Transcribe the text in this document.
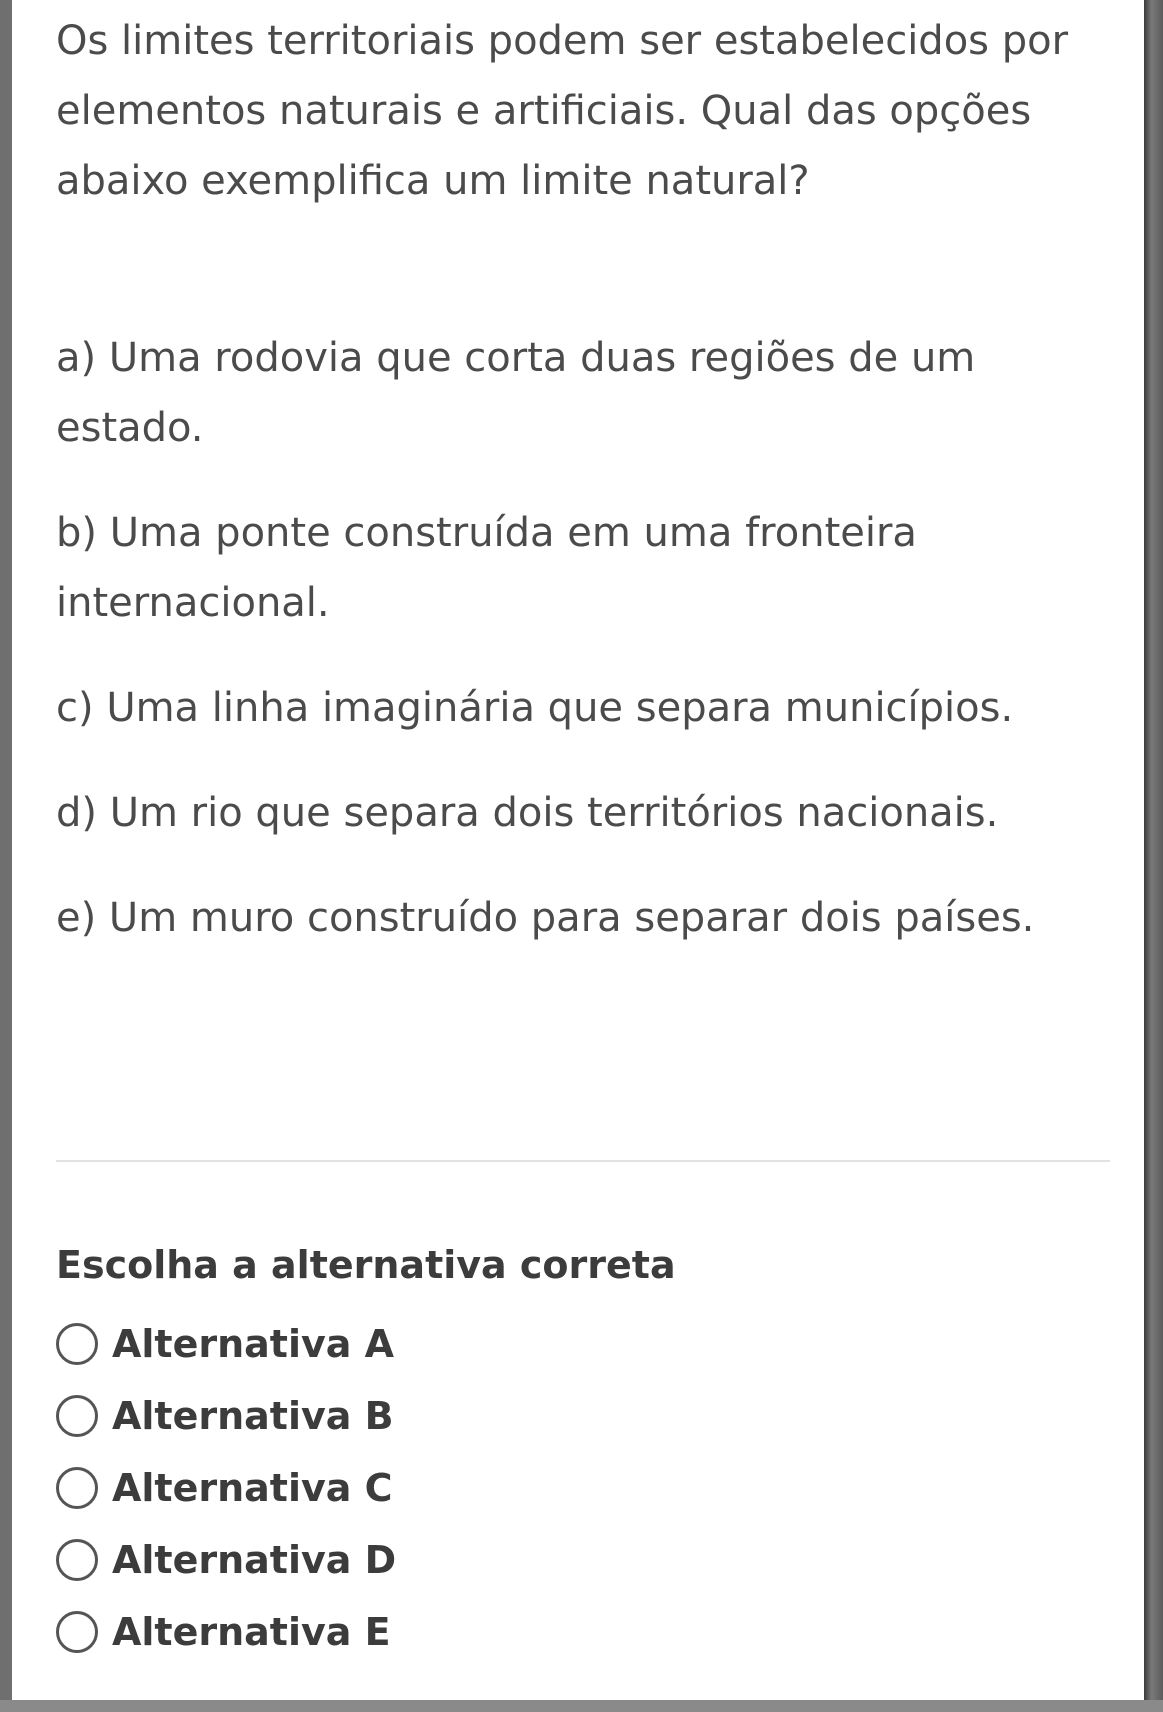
Os limites territoriais podem ser estabelecidos por elementos naturais e artificiais. Qual das opções abaixo exemplifica um limite natural?

a) Uma rodovia que corta duas regiões de um estado.
b) Uma ponte construída em uma fronteira internacional.
c) Uma linha imaginária que separa municípios.
d) Um rio que separa dois territórios nacionais.
e) Um muro construído para separar dois países.

Escolha a alternativa correta

Alternativa A
Alternativa B
Alternativa C
Alternativa D
Alternativa E
